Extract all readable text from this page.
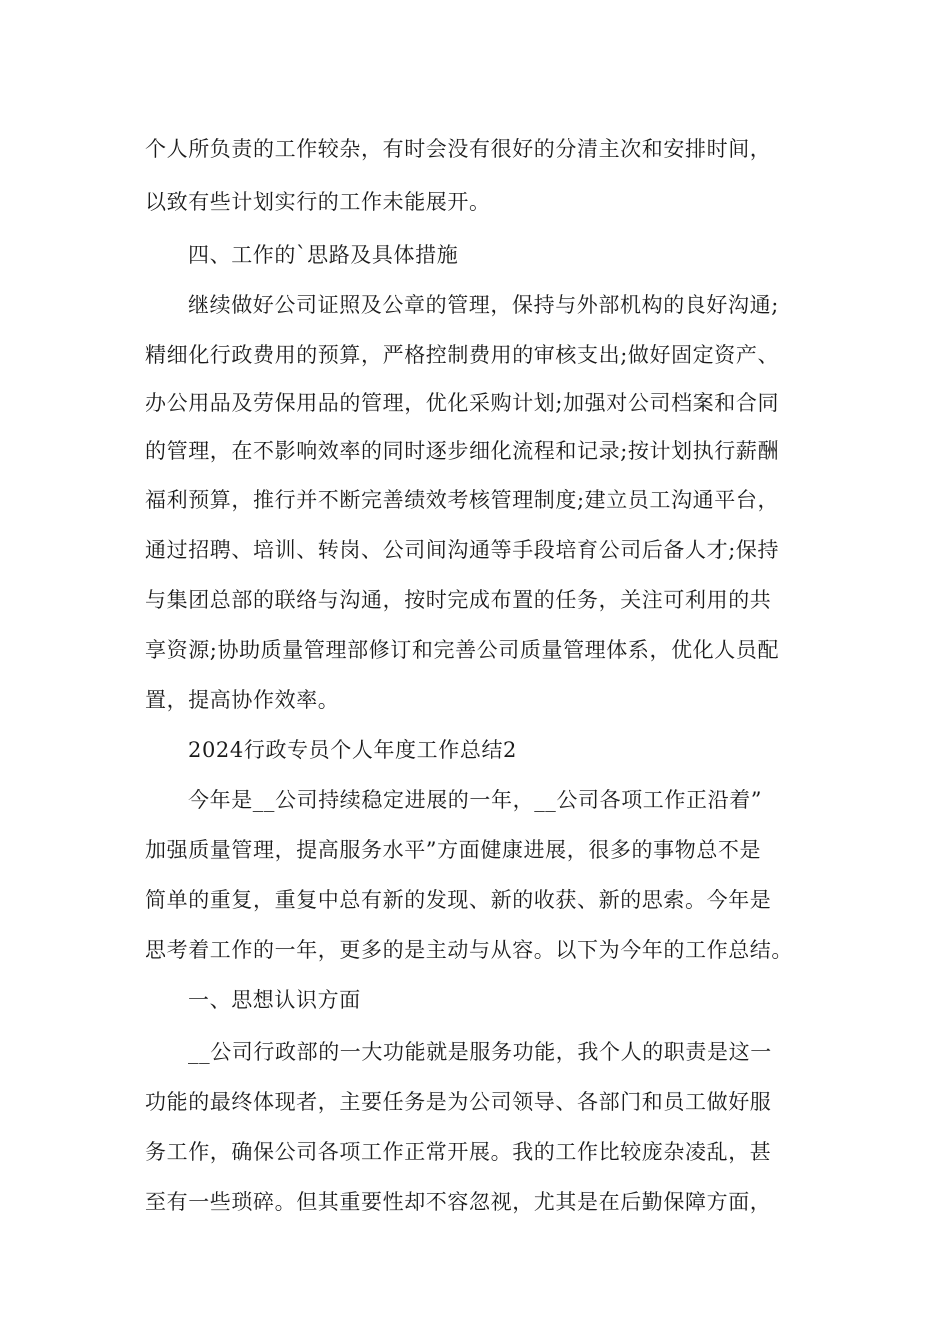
个人所负责的工作较杂，有时会没有很好的分清主次和安排时间，
以致有些计划实行的工作未能展开。
四、工作的`思路及具体措施
继续做好公司证照及公章的管理，保持与外部机构的良好沟通;
精细化行政费用的预算，严格控制费用的审核支出;做好固定资产、
办公用品及劳保用品的管理，优化采购计划;加强对公司档案和合同
的管理，在不影响效率的同时逐步细化流程和记录;按计划执行薪酬
福利预算，推行并不断完善绩效考核管理制度;建立员工沟通平台，
通过招聘、培训、转岗、公司间沟通等手段培育公司后备人才;保持
与集团总部的联络与沟通，按时完成布置的任务，关注可利用的共
享资源;协助质量管理部修订和完善公司质量管理体系，优化人员配
置，提高协作效率。
2024行政专员个人年度工作总结2
今年是__公司持续稳定进展的一年，__公司各项工作正沿着”
加强质量管理，提高服务水平”方面健康进展，很多的事物总不是
简单的重复，重复中总有新的发现、新的收获、新的思索。今年是
思考着工作的一年，更多的是主动与从容。以下为今年的工作总结。
一、思想认识方面
__公司行政部的一大功能就是服务功能，我个人的职责是这一
功能的最终体现者，主要任务是为公司领导、各部门和员工做好服
务工作，确保公司各项工作正常开展。我的工作比较庞杂凌乱，甚
至有一些琐碎。但其重要性却不容忽视，尤其是在后勤保障方面，
